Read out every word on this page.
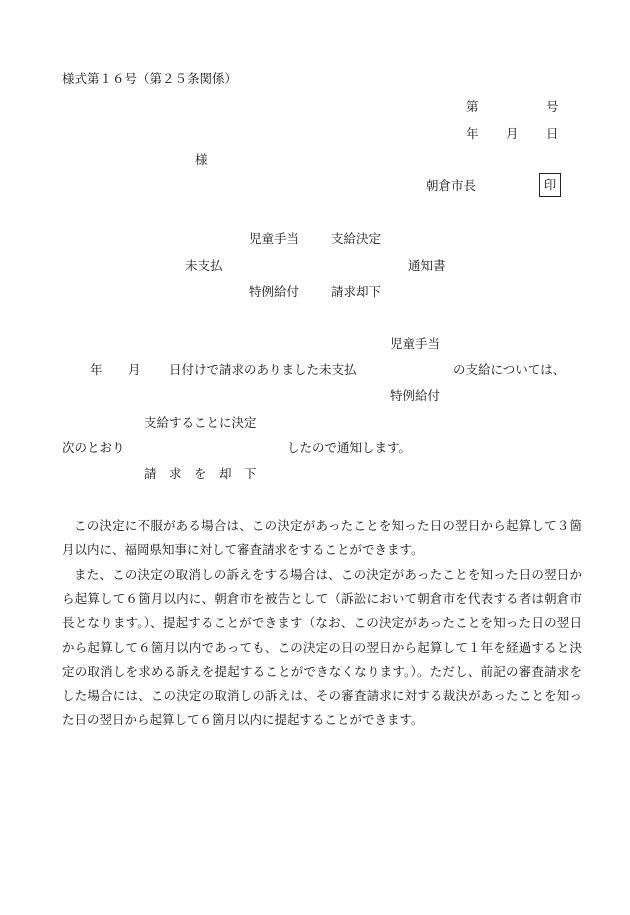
様式第１６号（第２５条関係）
第	号
年 月 日
様
朝倉市長	印
児童手当	支給決定
未支払	通知書
特例給付	請求却下
児童手当
年 月 日付けで請求のありました未支払	の支給については、
特例給付
支給することに決定
次のとおり	したので通知します。
請　求　を　却　下
この決定に不服がある場合は、この決定があったことを知った日の翌日から起算して３箇月以内に、福岡県知事に対して審査請求をすることができます。
また、この決定の取消しの訴えをする場合は、この決定があったことを知った日の翌日から起算して６箇月以内に、朝倉市を被告として（訴訟において朝倉市を代表する者は朝倉市長となります。）、提起することができます（なお、この決定があったことを知った日の翌日から起算して６箇月以内であっても、この決定の日の翌日から起算して１年を経過すると決定の取消しを求める訴えを提起することができなくなります。）。ただし、前記の審査請求をした場合には、この決定の取消しの訴えは、その審査請求に対する裁決があったことを知った日の翌日から起算して６箇月以内に提起することができます。
